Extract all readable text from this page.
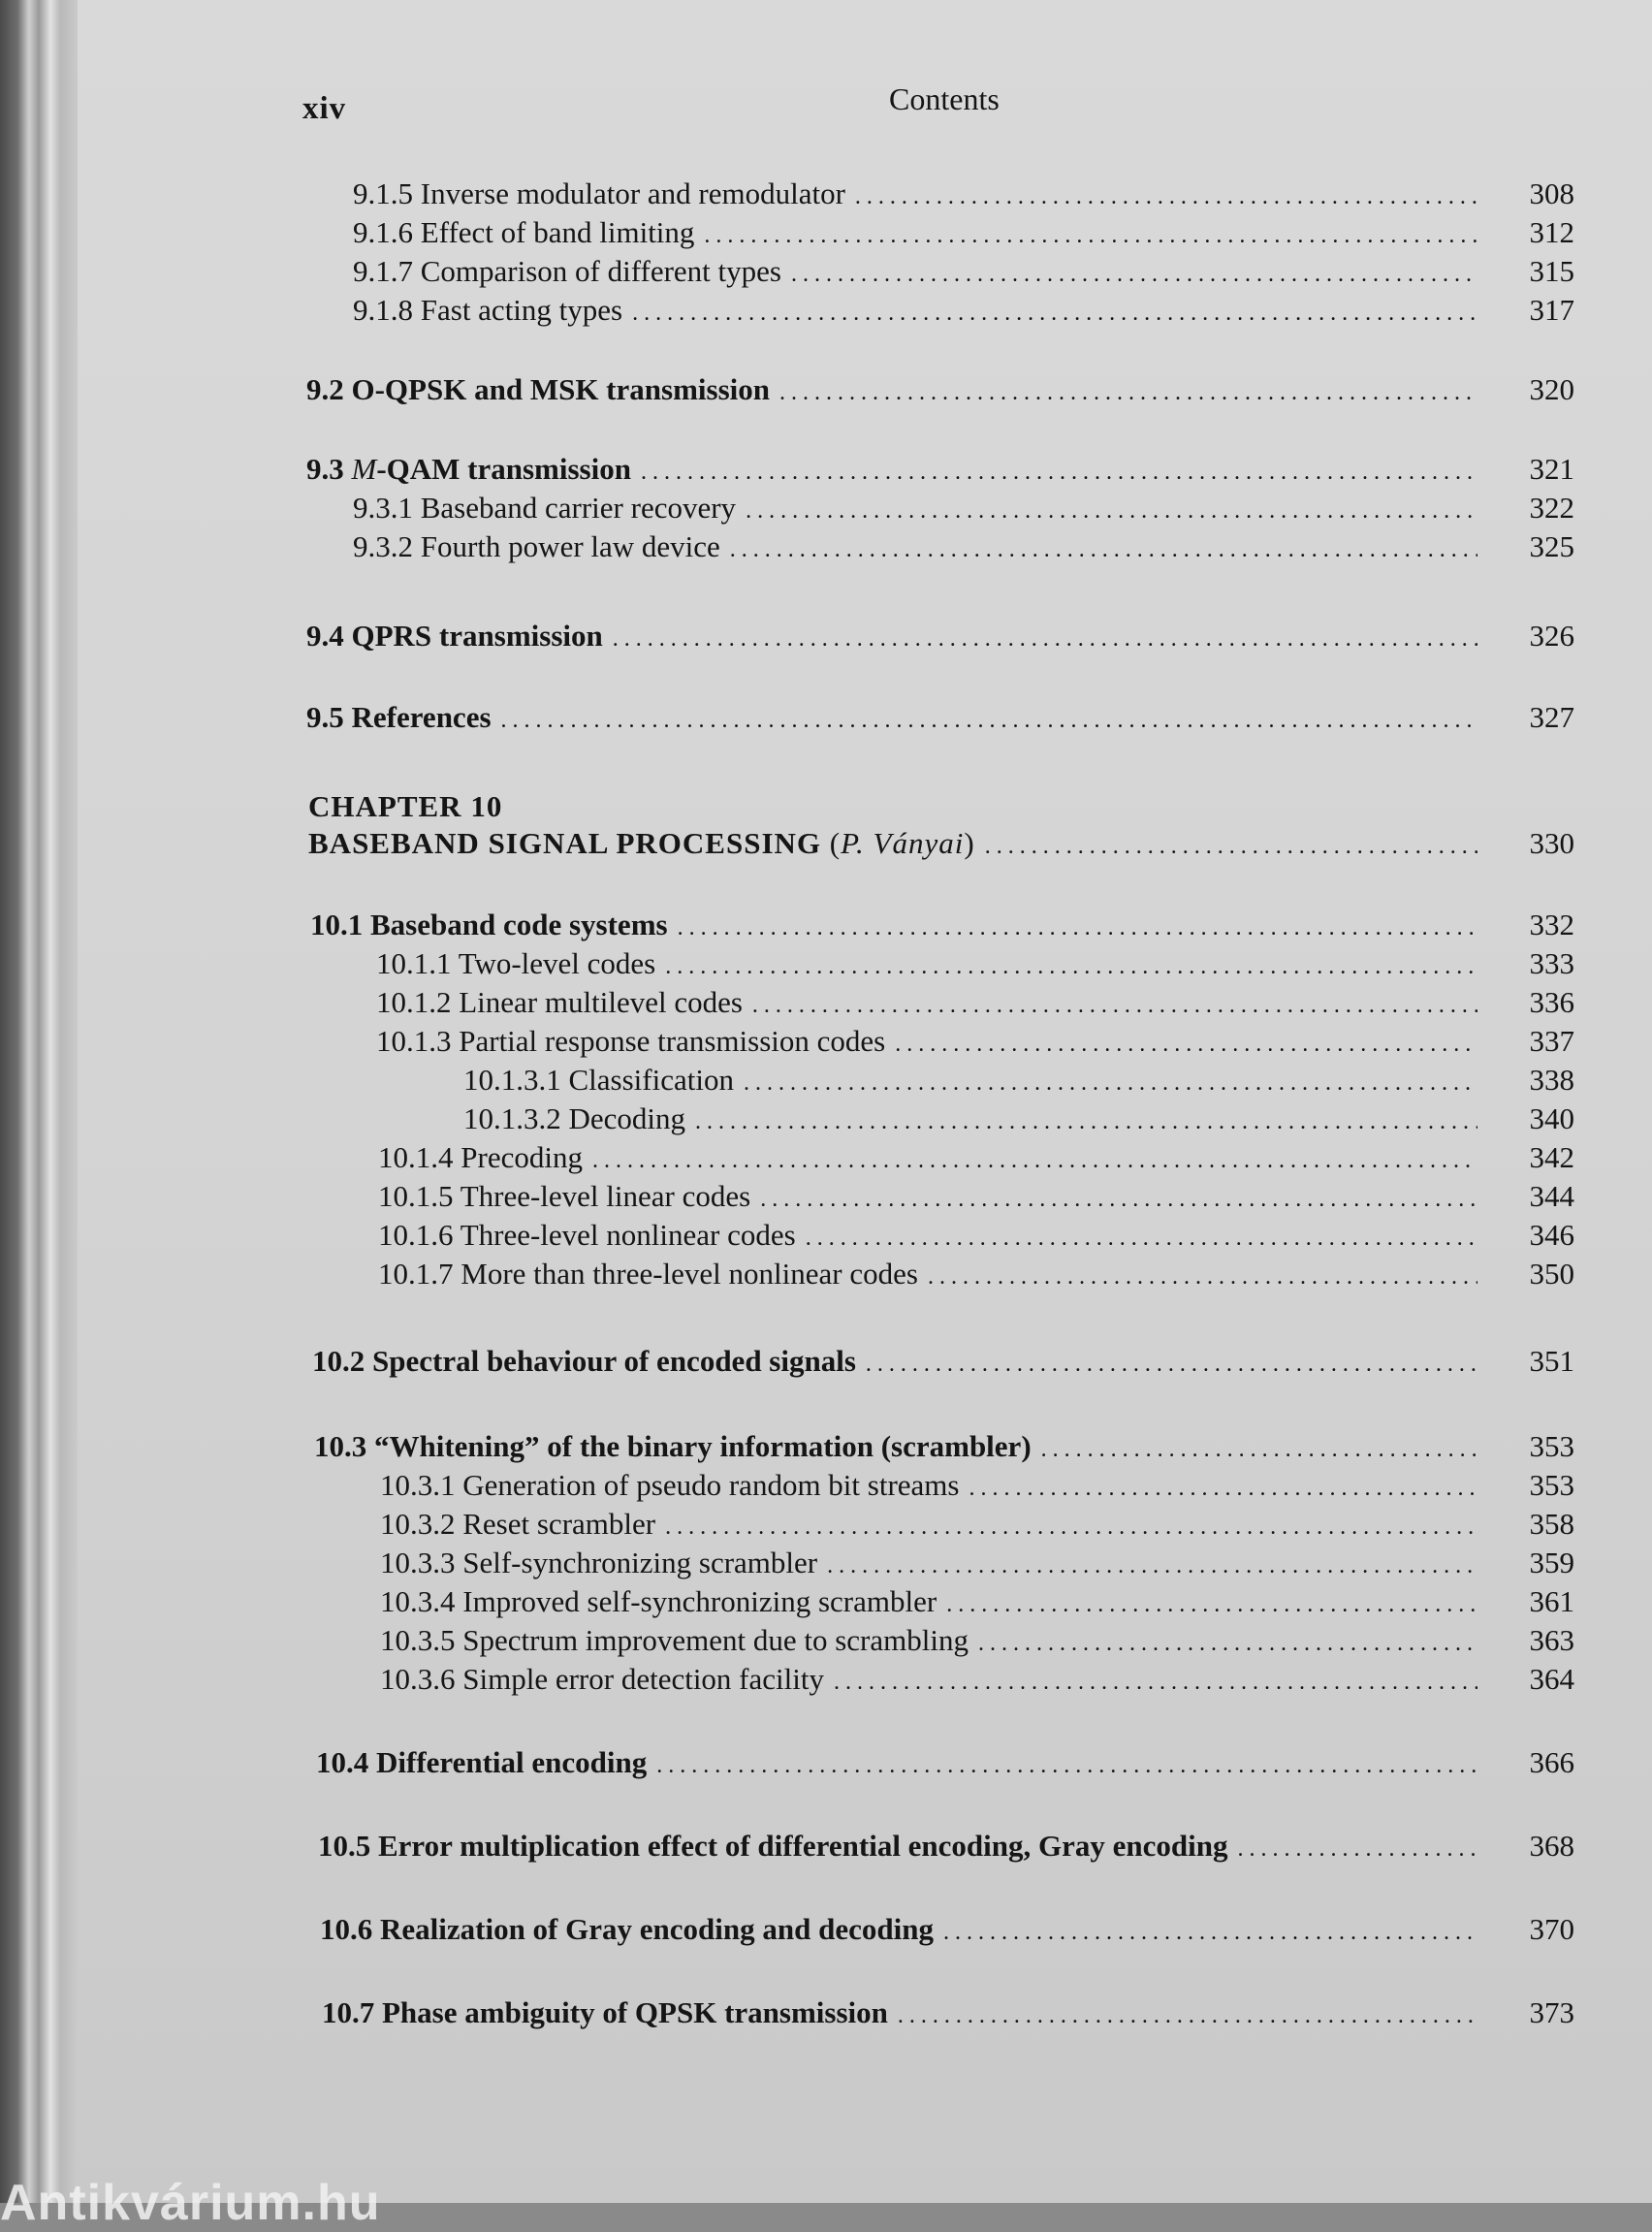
xiv	Contents
9.1.5 Inverse modulator and remodulator . . .	308
9.1.6 Effect of band limiting . . .	312
9.1.7 Comparison of different types . . .	315
9.1.8 Fast acting types . . .	317
9.2 O-QPSK and MSK transmission . . .	320
9.3 M-QAM transmission . . .	321
9.3.1 Baseband carrier recovery . . .	322
9.3.2 Fourth power law device . . .	325
9.4 QPRS transmission . . .	326
9.5 References . . .	327
CHAPTER 10
BASEBAND SIGNAL PROCESSING (P. Ványai) . . .	330
10.1 Baseband code systems . . .	332
10.1.1 Two-level codes . . .	333
10.1.2 Linear multilevel codes . . .	336
10.1.3 Partial response transmission codes . . .	337
10.1.3.1 Classification . . .	338
10.1.3.2 Decoding . . .	340
10.1.4 Precoding . . .	342
10.1.5 Three-level linear codes . . .	344
10.1.6 Three-level nonlinear codes . . .	346
10.1.7 More than three-level nonlinear codes . . .	350
10.2 Spectral behaviour of encoded signals . . .	351
10.3 “Whitening” of the binary information (scrambler) . . .	353
10.3.1 Generation of pseudo random bit streams . . .	353
10.3.2 Reset scrambler . . .	358
10.3.3 Self-synchronizing scrambler . . .	359
10.3.4 Improved self-synchronizing scrambler . . .	361
10.3.5 Spectrum improvement due to scrambling . . .	363
10.3.6 Simple error detection facility . . .	364
10.4 Differential encoding . . .	366
10.5 Error multiplication effect of differential encoding, Gray encoding . . .	368
10.6 Realization of Gray encoding and decoding . . .	370
10.7 Phase ambiguity of QPSK transmission . . .	373
Antikvárium.hu
